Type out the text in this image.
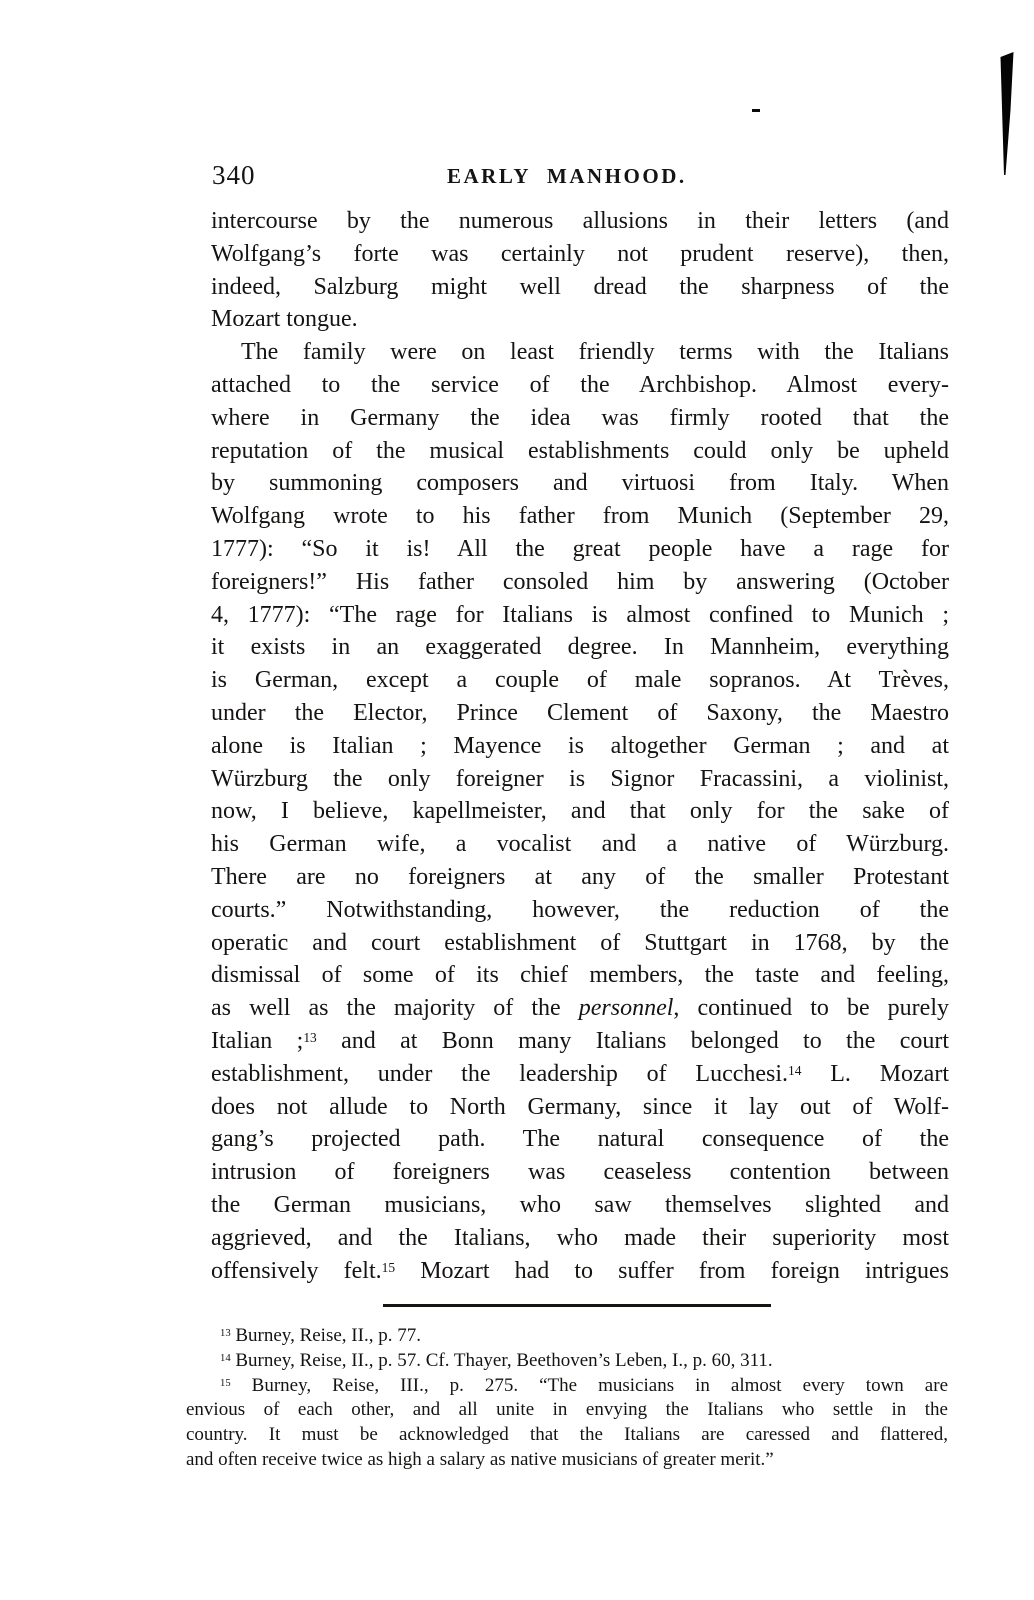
340	EARLY MANHOOD.
intercourse by the numerous allusions in their letters (and
Wolfgang’s forte was certainly not prudent reserve), then,
indeed, Salzburg might well dread the sharpness of the
Mozart tongue.
The family were on least friendly terms with the Italians
attached to the service of the Archbishop. Almost every-
where in Germany the idea was firmly rooted that the
reputation of the musical establishments could only be upheld
by summoning composers and virtuosi from Italy. When
Wolfgang wrote to his father from Munich (September 29,
1777): “So it is! All the great people have a rage for
foreigners!” His father consoled him by answering (October
4, 1777): “The rage for Italians is almost confined to Munich ;
it exists in an exaggerated degree. In Mannheim, everything
is German, except a couple of male sopranos. At Trèves,
under the Elector, Prince Clement of Saxony, the Maestro
alone is Italian ; Mayence is altogether German ; and at
Würzburg the only foreigner is Signor Fracassini, a violinist,
now, I believe, kapellmeister, and that only for the sake of
his German wife, a vocalist and a native of Würzburg.
There are no foreigners at any of the smaller Protestant
courts.” Notwithstanding, however, the reduction of the
operatic and court establishment of Stuttgart in 1768, by the
dismissal of some of its chief members, the taste and feeling,
as well as the majority of the personnel, continued to be purely
Italian ;$^{13}$ and at Bonn many Italians belonged to the court
establishment, under the leadership of Lucchesi.$^{14}$ L. Mozart
does not allude to North Germany, since it lay out of Wolf-
gang’s projected path. The natural consequence of the
intrusion of foreigners was ceaseless contention between
the German musicians, who saw themselves slighted and
aggrieved, and the Italians, who made their superiority most
offensively felt.$^{15}$ Mozart had to suffer from foreign intrigues
$^{13}$ Burney, Reise, II., p. 77.
$^{14}$ Burney, Reise, II., p. 57. Cf. Thayer, Beethoven’s Leben, I., p. 60, 311.
$^{15}$ Burney, Reise, III., p. 275. “The musicians in almost every town are
envious of each other, and all unite in envying the Italians who settle in the
country. It must be acknowledged that the Italians are caressed and flattered,
and often receive twice as high a salary as native musicians of greater merit.”
